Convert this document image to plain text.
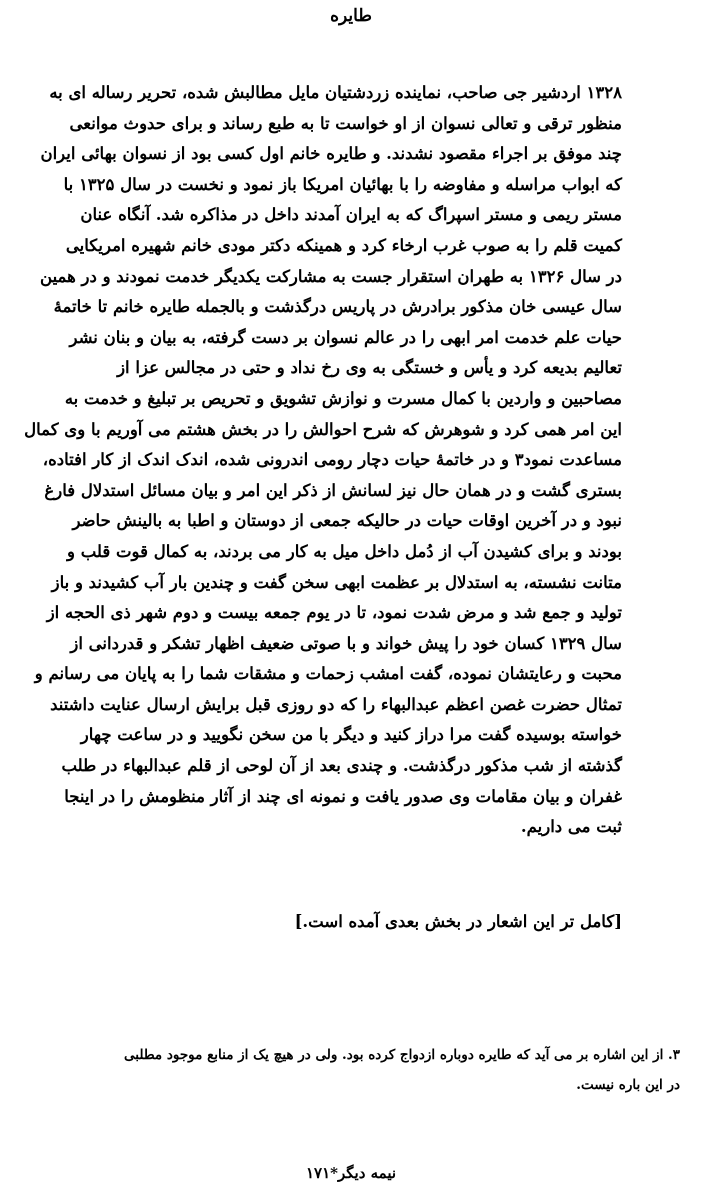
طایره
۱۳۲۸ اردشیر جی صاحب، نماینده زردشتیان مایل مطالبش شده، تحریر رساله ای به
منظور ترقی و تعالی نسوان از او خواست تا به طبع رساند و برای حدوث موانعی
چند موفق بر اجراء مقصود نشدند. و طایره خانم اول کسی بود از نسوان بهائی ایران
که ابواب مراسله و مفاوضه را با بهائیان امریکا باز نمود و نخست در سال ۱۳۲۵ با
مستر ریمی و مستر اسپراگ که به ایران آمدند داخل در مذاکره شد. آنگاه عنان
کمیت قلم را به صوب غرب ارخاء کرد و همینکه دکتر مودی خانم شهیره امریکایی
در سال ۱۳۲۶ به طهران استقرار جست به مشارکت یکدیگر خدمت نمودند و در همین
سال عیسی خان مذکور برادرش در پاریس درگذشت و بالجمله طایره خانم تا خاتمهٔ
حیات علم خدمت امر ابهی را در عالم نسوان بر دست گرفته، به بیان و بنان نشر
تعالیم بدیعه کرد و یأس و خستگی به وی رخ نداد و حتی در مجالس عزا از
مصاحبین و واردین با کمال مسرت و نوازش تشویق و تحریص بر تبلیغ و خدمت به
این امر همی کرد و شوهرش که شرح احوالش را در بخش هشتم می آوریم با وی کمال
مساعدت نمود۳ و در خاتمهٔ حیات دچار رومی اندرونی شده، اندک اندک از کار افتاده،
بستری گشت و در همان حال نیز لسانش از ذکر این امر و بیان مسائل استدلال فارغ
نبود و در آخرین اوقات حیات در حالیکه جمعی از دوستان و اطبا به بالینش حاضر
بودند و برای کشیدن آب از دُمل داخل میل به کار می بردند، به کمال قوت قلب و
متانت نشسته، به استدلال بر عظمت ابهی سخن گفت و چندین بار آب کشیدند و باز
تولید و جمع شد و مرض شدت نمود، تا در یوم جمعه بیست و دوم شهر ذی الحجه از
سال ۱۳۲۹ کسان خود را پیش خواند و با صوتی ضعیف اظهار تشکر و قدردانی از
محبت و رعایتشان نموده، گفت امشب زحمات و مشقات شما را به پایان می رسانم و
تمثال حضرت غصن اعظم عبدالبهاء را که دو روزی قبل برایش ارسال عنایت داشتند
خواسته بوسیده گفت مرا دراز کنید و دیگر با من سخن نگویید و در ساعت چهار
گذشته از شب مذکور درگذشت. و چندی بعد از آن لوحی از قلم عبدالبهاء در طلب
غفران و بیان مقامات وی صدور یافت و نمونه ای چند از آثار منظومش را در اینجا
ثبت می داریم.
[کامل تر این اشعار در بخش بعدی آمده است.]
۳. از این اشاره بر می آید که طایره دوباره ازدواج کرده بود. ولی در هیچ یک از منابع موجود مطلبی
در این باره نیست.
نیمه دیگر*۱۷۱
